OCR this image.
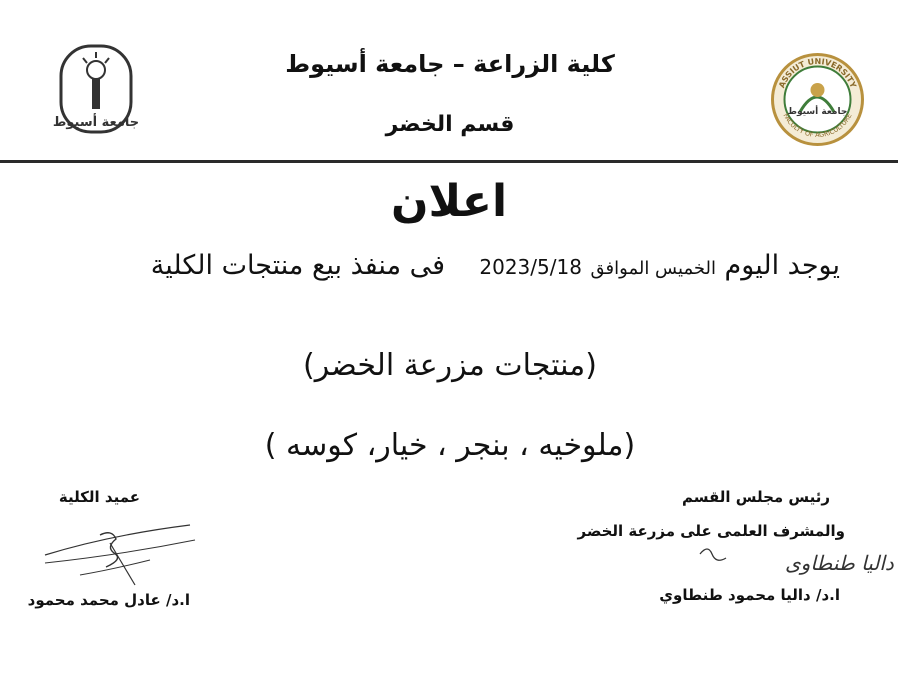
جامعة أسيوط
ASSIUT UNIVERSITY
FACULTY OF AGRICULTURE
جامعة أسيوط
كلية الزراعة – جامعة أسيوط
قسم الخضر
اعلان
يوجد اليوم الخميس الموافق 2023/5/18    فى منفذ بيع منتجات الكلية
(منتجات مزرعة الخضر)
(ملوخيه ، بنجر ، خيار، كوسه )
رئيس مجلس القسم
والمشرف العلمى على مزرعة الخضر
داليا طنطاوى
ا.د/ داليا محمود طنطاوي
عميد الكلية
ا.د/ عادل محمد محمود
